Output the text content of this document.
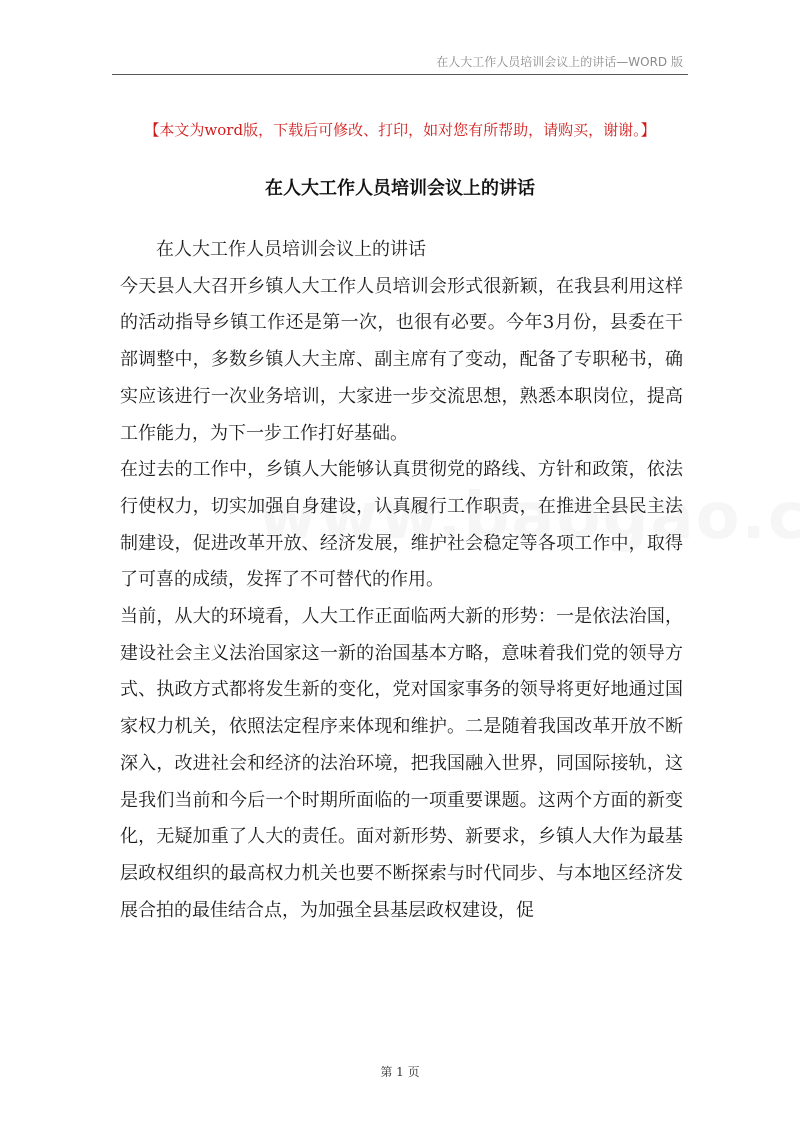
在人大工作人员培训会议上的讲话—WORD 版
【本文为word版，下载后可修改、打印，如对您有所帮助，请购买，谢谢。】
在人大工作人员培训会议上的讲话

在人大工作人员培训会议上的讲话

今天县人大召开乡镇人大工作人员培训会形式很新颖，在我县利用这样的活动指导乡镇工作还是第一次，也很有必要。今年3月份，县委在干部调整中，多数乡镇人大主席、副主席有了变动，配备了专职秘书，确实应该进行一次业务培训，大家进一步交流思想，熟悉本职岗位，提高工作能力，为下一步工作打好基础。

在过去的工作中，乡镇人大能够认真贯彻党的路线、方针和政策，依法行使权力，切实加强自身建设，认真履行工作职责，在推进全县民主法制建设，促进改革开放、经济发展，维护社会稳定等各项工作中，取得了可喜的成绩，发挥了不可替代的作用。

当前，从大的环境看，人大工作正面临两大新的形势：一是依法治国，建设社会主义法治国家这一新的治国基本方略，意味着我们党的领导方式、执政方式都将发生新的变化，党对国家事务的领导将更好地通过国家权力机关，依照法定程序来体现和维护。二是随着我国改革开放不断深入，改进社会和经济的法治环境，把我国融入世界，同国际接轨，这是我们当前和今后一个时期所面临的一项重要课题。这两个方面的新变化，无疑加重了人大的责任。面对新形势、新要求，乡镇人大作为最基层政权组织的最高权力机关也要不断探索与时代同步、与本地区经济发展合拍的最佳结合点，为加强全县基层政权建设，促

第 1 页
